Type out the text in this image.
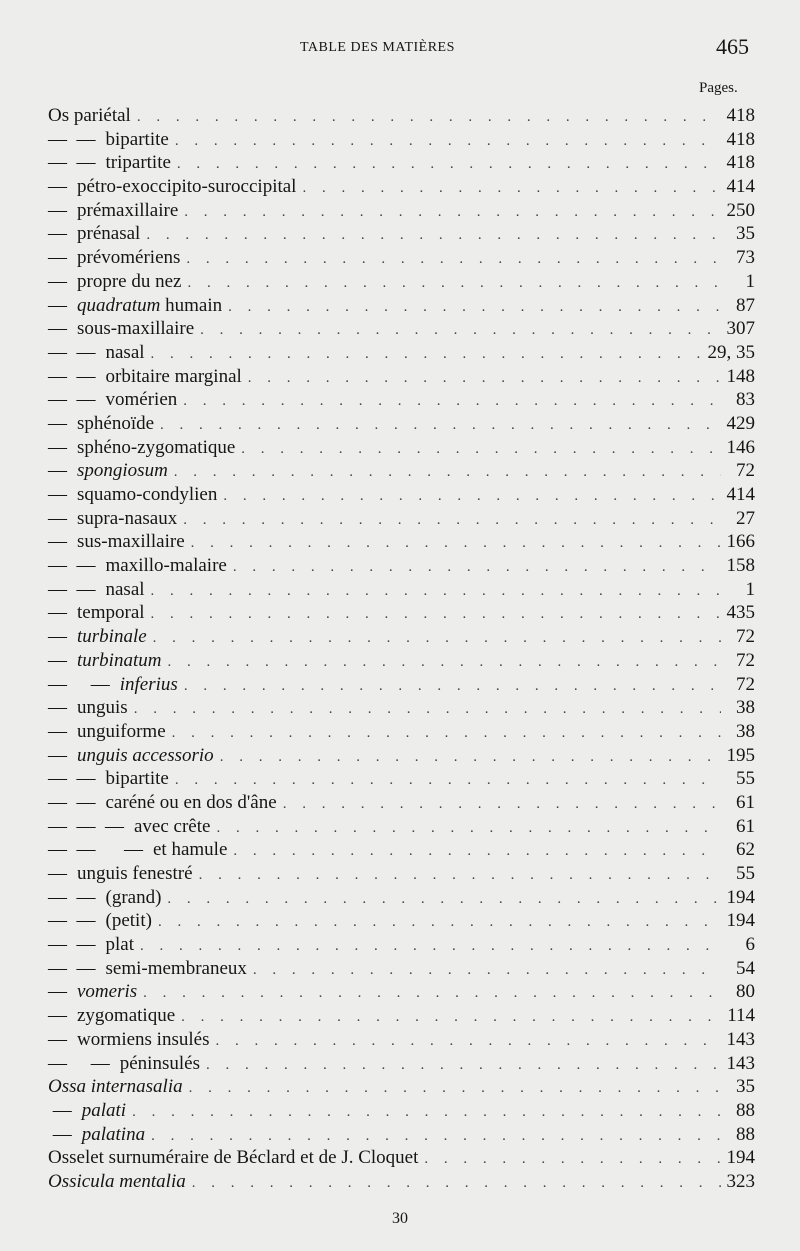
TABLE DES MATIÈRES	465
Pages.
Os pariétal . . .	418
—  — bipartite . . .	418
—  — tripartite . . .	418
— pétro-exoccipito-suroccipital . . .	414
— prémaxillaire . . .	250
— prénasal . . .	35
— prévomériens . . .	73
— propre du nez . . .	1
— quadratum humain . . .	87
— sous-maxillaire . . .	307
—  — nasal . . .	29, 35
—  — orbitaire marginal . . .	148
—  — vomérien . . .	83
— sphénoïde . . .	429
— sphéno-zygomatique . . .	146
— spongiosum . . .	72
— squamo-condylien . . .	414
— supra-nasaux . . .	27
— sus-maxillaire . . .	166
—  — maxillo-malaire . . .	158
—  — nasal . . .	1
— temporal . . .	435
— turbinale . . .	72
— turbinatum . . .	72
—     — inferius . . .	72
— unguis . . .	38
— unguiforme . . .	38
— unguis accessorio . . .	195
—  — bipartite . . .	55
—  — caréné ou en dos d'âne . . .	61
—  —  — avec crête . . .	61
—  —      — et hamule . . .	62
— unguis fenestré . . .	55
—  — (grand) . . .	194
—  — (petit) . . .	194
—  — plat . . .	6
—  — semi-membraneux . . .	54
— vomeris . . .	80
— zygomatique . . .	114
— wormiens insulés . . .	143
—     — péninsulés . . .	143
Ossa internasalia . . .	35
— palati . . .	88
— palatina . . .	88
Osselet surnuméraire de Béclard et de J. Cloquet . . .	194
Ossicula mentalia . . .	323
30
